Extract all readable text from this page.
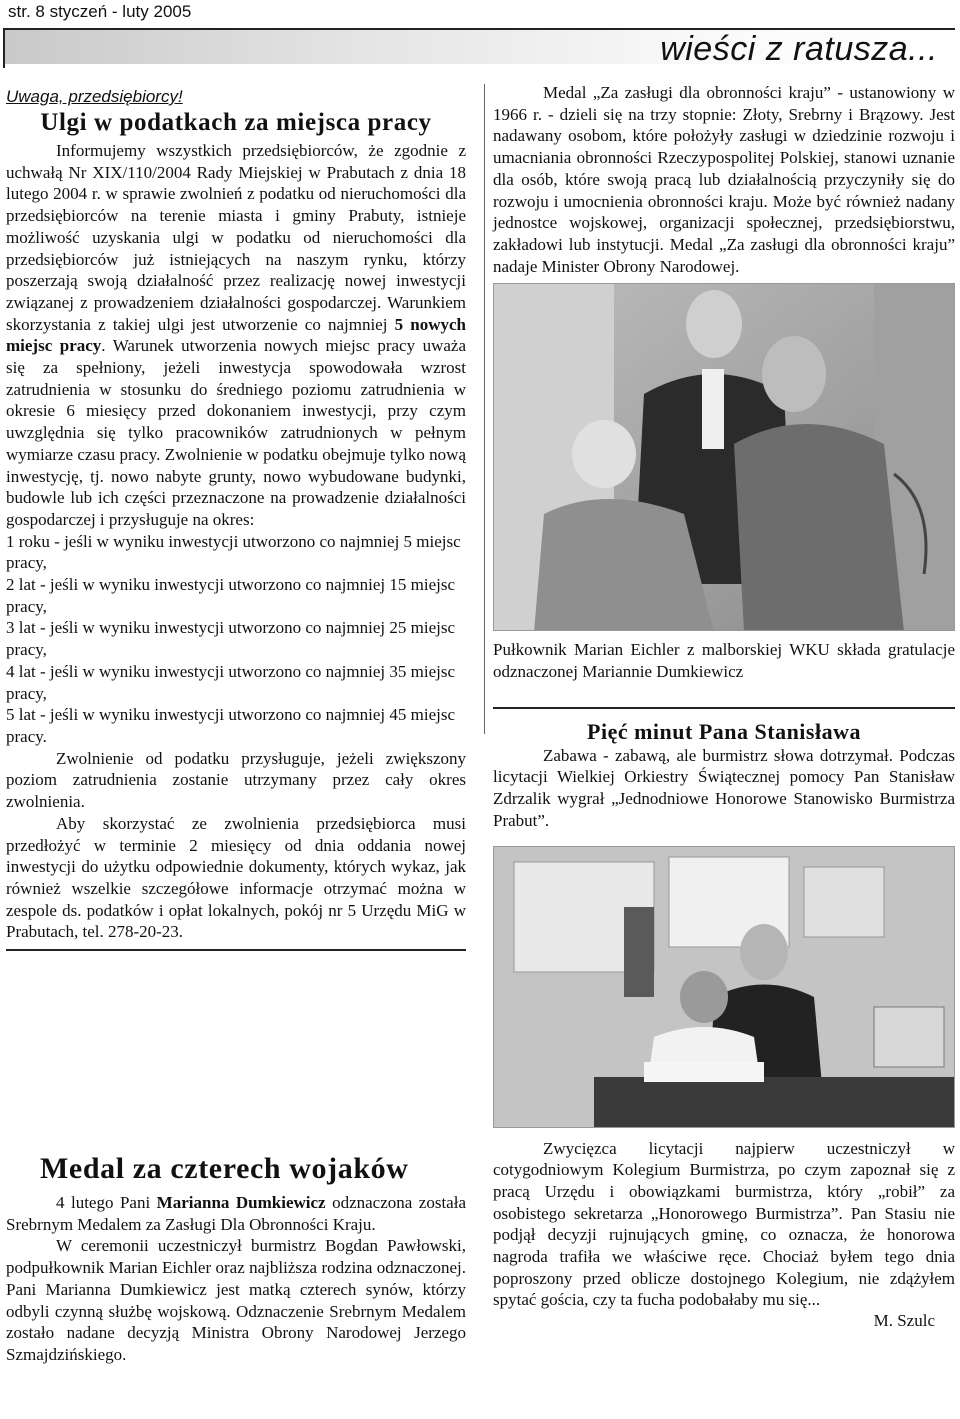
str. 8 styczeń - luty 2005
wieści z ratusza...
Uwaga, przedsiębiorcy!
Ulgi w podatkach za miejsca pracy

Informujemy wszystkich przedsiębiorców, że zgodnie z uchwałą Nr XIX/110/2004 Rady Miejskiej w Prabutach z dnia 18 lutego 2004 r. w sprawie zwolnień z podatku od nieruchomości dla przedsiębiorców na terenie miasta i gminy Prabuty, istnieje możliwość uzyskania ulgi w podatku od nieruchomości dla przedsiębiorców już istniejących na naszym rynku, którzy poszerzają swoją działalność przez realizację nowej inwestycji związanej z prowadzeniem działalności gospodarczej. Warunkiem skorzystania z takiej ulgi jest utworzenie co najmniej 5 nowych miejsc pracy. Warunek utworzenia nowych miejsc pracy uważa się za spełniony, jeżeli inwestycja spowodowała wzrost zatrudnienia w stosunku do średniego poziomu zatrudnienia w okresie 6 miesięcy przed dokonaniem inwestycji, przy czym uwzględnia się tylko pracowników zatrudnionych w pełnym wymiarze czasu pracy. Zwolnienie w podatku obejmuje tylko nową inwestycję, tj. nowo nabyte grunty, nowo wybudowane budynki, budowle lub ich części przeznaczone na prowadzenie działalności gospodarczej i przysługuje na okres:

1 roku - jeśli w wyniku inwestycji utworzono co najmniej 5 miejsc pracy,

2 lat - jeśli w wyniku inwestycji utworzono co najmniej 15 miejsc pracy,

3 lat - jeśli w wyniku inwestycji utworzono co najmniej 25 miejsc pracy,

4 lat - jeśli w wyniku inwestycji utworzono co najmniej 35 miejsc pracy,

5 lat - jeśli w wyniku inwestycji utworzono co najmniej 45 miejsc pracy.

Zwolnienie od podatku przysługuje, jeżeli zwiększony poziom zatrudnienia zostanie utrzymany przez cały okres zwolnienia.

Aby skorzystać ze zwolnienia przedsiębiorca musi przedłożyć w terminie 2 miesięcy od dnia oddania nowej inwestycji do użytku odpowiednie dokumenty, których wykaz, jak również wszelkie szczegółowe informacje otrzymać można w zespole ds. podatków i opłat lokalnych, pokój nr 5 Urzędu MiG w Prabutach, tel. 278-20-23.

Medal za czterech wojaków

4 lutego Pani Marianna Dumkiewicz odznaczona została Srebrnym Medalem za Zasługi Dla Obronności Kraju.

W ceremonii uczestniczył burmistrz Bogdan Pawłowski, podpułkownik Marian Eichler oraz najbliższa rodzina odznaczonej. Pani Marianna Dumkiewicz jest matką czterech synów, którzy odbyli czynną służbę wojskową. Odznaczenie Srebrnym Medalem zostało nadane decyzją Ministra Obrony Narodowej Jerzego Szmajdzińskiego.

Medal „Za zasługi dla obronności kraju” - ustanowiony w 1966 r. - dzieli się na trzy stopnie: Złoty, Srebrny i Brązowy. Jest nadawany osobom, które położyły zasługi w dziedzinie rozwoju i umacniania obronności Rzeczypospolitej Polskiej, stanowi uznanie dla osób, które swoją pracą lub działalnością przyczyniły się do rozwoju i umocnienia obronności kraju. Może być również nadany jednostce wojskowej, organizacji społecznej, przedsiębiorstwu, zakładowi lub instytucji. Medal „Za zasługi dla obronności kraju” nadaje Minister Obrony Narodowej.

Pułkownik Marian Eichler z malborskiej WKU składa gratulacje odznaczonej Mariannie Dumkiewicz

Pięć minut Pana Stanisława

Zabawa - zabawą, ale burmistrz słowa dotrzymał. Podczas licytacji Wielkiej Orkiestry Świątecznej pomocy Pan Stanisław Zdrzalik wygrał „Jednodniowe Honorowe Stanowisko Burmistrza Prabut”.

Zwycięzca licytacji najpierw uczestniczył w cotygodniowym Kolegium Burmistrza, po czym zapoznał się z pracą Urzędu i obowiązkami burmistrza, który „robił” za osobistego sekretarza „Honorowego Burmistrza”. Pan Stasiu nie podjął decyzji rujnujących gminę, co oznacza, że honorowa nagroda trafiła we właściwe ręce. Chociaż byłem tego dnia poproszony przed oblicze dostojnego Kolegium, nie zdążyłem spytać gościa, czy ta fucha podobałaby mu się...

M. Szulc
